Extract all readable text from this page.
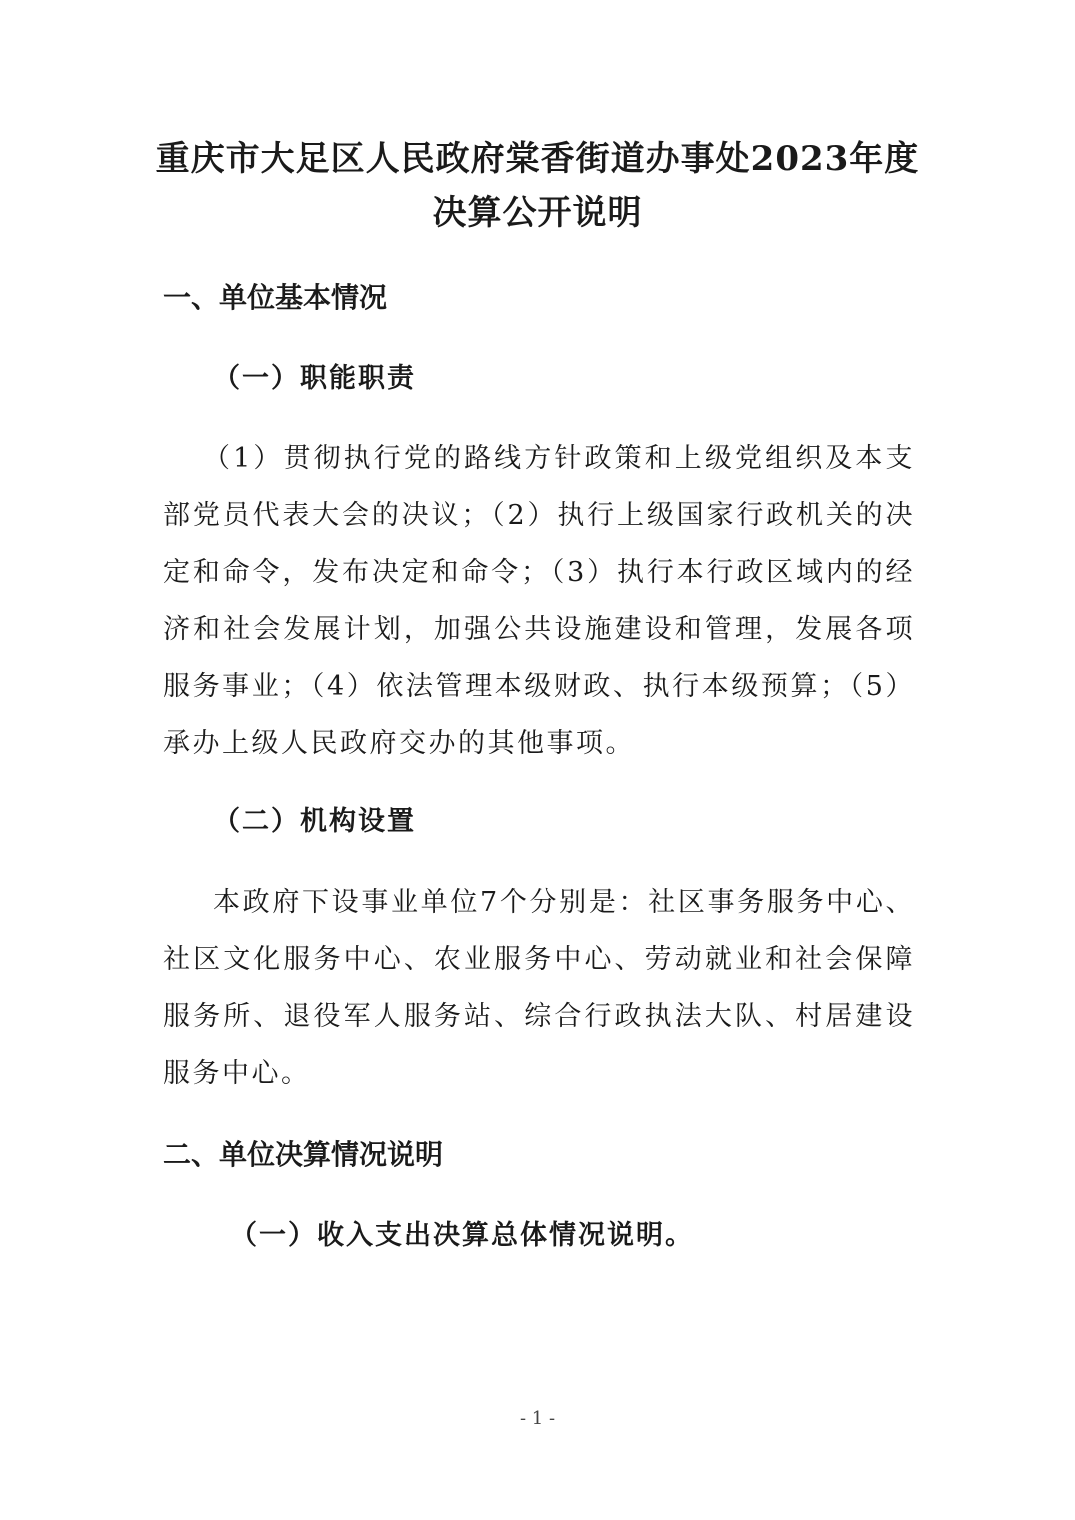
重庆市大足区人民政府棠香街道办事处2023年度决算公开说明
一、单位基本情况
（一）职能职责

（1）贯彻执行党的路线方针政策和上级党组织及本支部党员代表大会的决议；（2）执行上级国家行政机关的决定和命令，发布决定和命令；（3）执行本行政区域内的经济和社会发展计划，加强公共设施建设和管理，发展各项服务事业；（4）依法管理本级财政、执行本级预算；（5）承办上级人民政府交办的其他事项。

（二）机构设置

本政府下设事业单位7个分别是：社区事务服务中心、社区文化服务中心、农业服务中心、劳动就业和社会保障服务所、退役军人服务站、综合行政执法大队、村居建设服务中心。

二、单位决算情况说明
（一）收入支出决算总体情况说明。
- 1 -
